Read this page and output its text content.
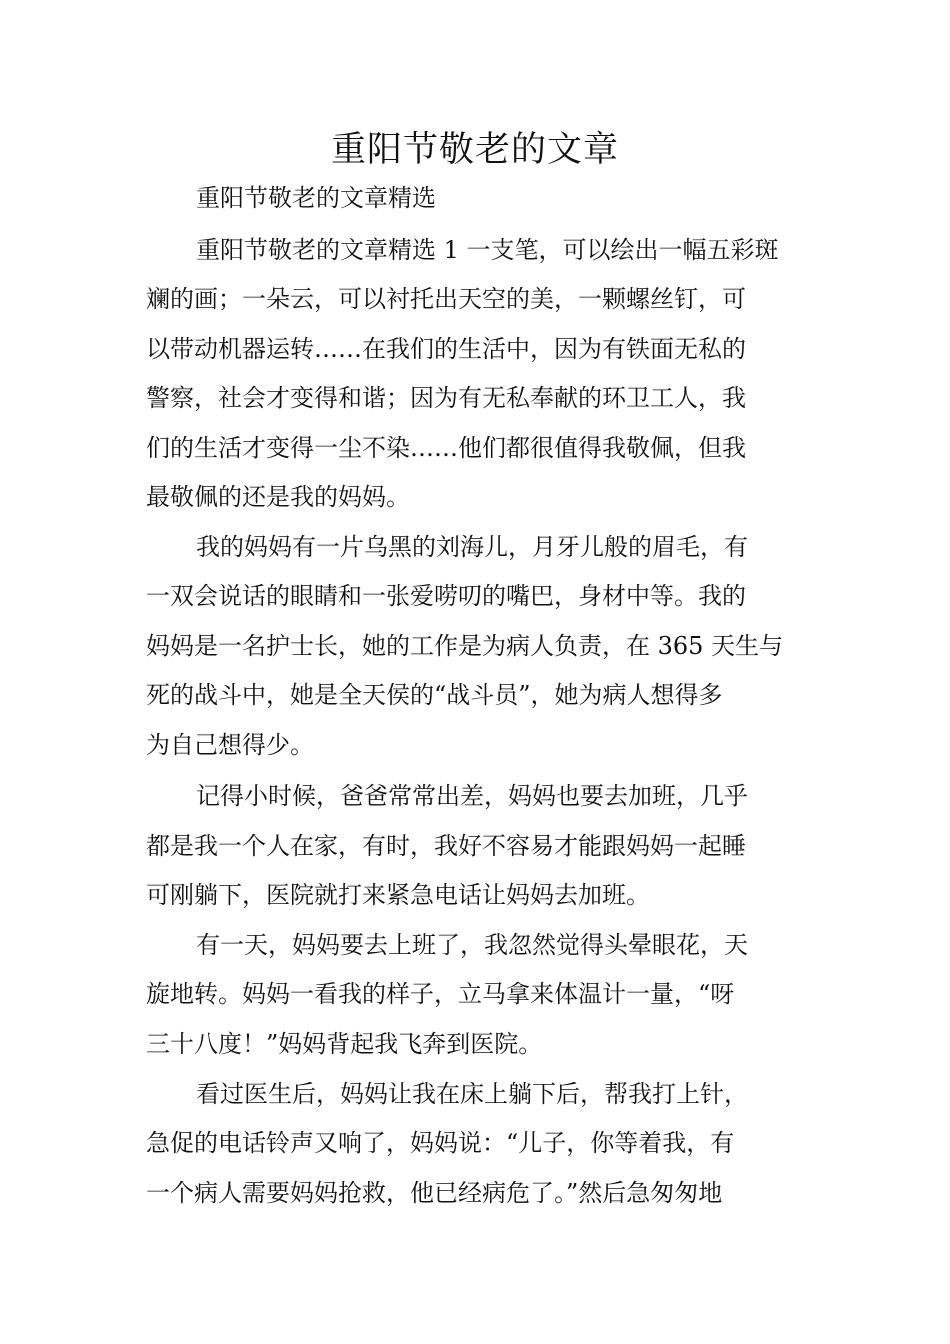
重阳节敬老的文章

重阳节敬老的文章精选

重阳节敬老的文章精选 1 一支笔，可以绘出一幅五彩斑

斓的画；一朵云，可以衬托出天空的美，一颗螺丝钉，可

以带动机器运转……在我们的生活中，因为有铁面无私的

警察，社会才变得和谐；因为有无私奉献的环卫工人，我

们的生活才变得一尘不染……他们都很值得我敬佩，但我

最敬佩的还是我的妈妈。

我的妈妈有一片乌黑的刘海儿，月牙儿般的眉毛，有

一双会说话的眼睛和一张爱唠叨的嘴巴，身材中等。我的

妈妈是一名护士长，她的工作是为病人负责，在 365 天生与

死的战斗中，她是全天侯的“战斗员”，她为病人想得多

为自己想得少。

记得小时候，爸爸常常出差，妈妈也要去加班，几乎

都是我一个人在家，有时，我好不容易才能跟妈妈一起睡

可刚躺下，医院就打来紧急电话让妈妈去加班。

有一天，妈妈要去上班了，我忽然觉得头晕眼花，天

旋地转。妈妈一看我的样子，立马拿来体温计一量，“呀

三十八度！”妈妈背起我飞奔到医院。

看过医生后，妈妈让我在床上躺下后，帮我打上针，

急促的电话铃声又响了，妈妈说：“儿子，你等着我，有

一个病人需要妈妈抢救，他已经病危了。”然后急匆匆地
